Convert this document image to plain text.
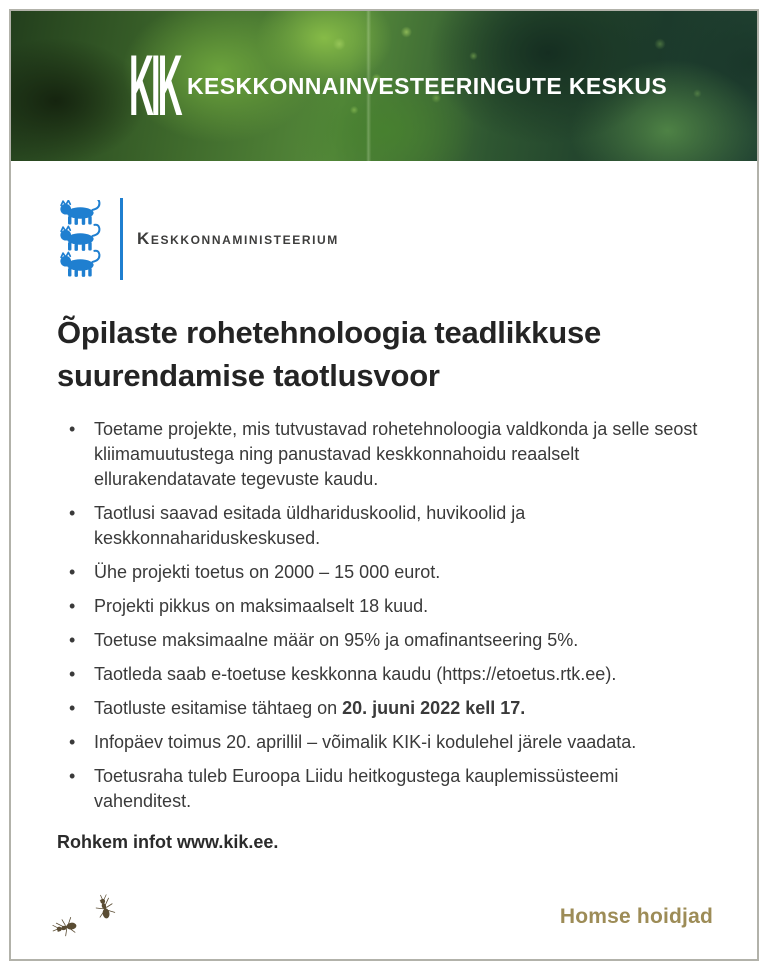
KIK KESKKONNAINVESTEERINGUTE KESKUS
Keskkonnaministeerium
Õpilaste rohetehnoloogia teadlikkuse suurendamise taotlusvoor
• Toetame projekte, mis tutvustavad rohetehnoloogia valdkonda ja selle seost kliimamuutustega ning panustavad keskkonnahoidu reaalselt ellurakendatavate tegevuste kaudu.
• Taotlusi saavad esitada üldhariduskoolid, huvikoolid ja keskkonnahariduskeskused.
• Ühe projekti toetus on 2000 – 15 000 eurot.
• Projekti pikkus on maksimaalselt 18 kuud.
• Toetuse maksimaalne määr on 95% ja omafinantseering 5%.
• Taotleda saab e-toetuse keskkonna kaudu (https://etoetus.rtk.ee).
• Taotluste esitamise tähtaeg on 20. juuni 2022 kell 17.
• Infopäev toimus 20. aprillil – võimalik KIK-i kodulehel järele vaadata.
• Toetusraha tuleb Euroopa Liidu heitkogustega kauplemissüsteemi vahenditest.

Rohkem infot www.kik.ee.

Homse hoidjad
